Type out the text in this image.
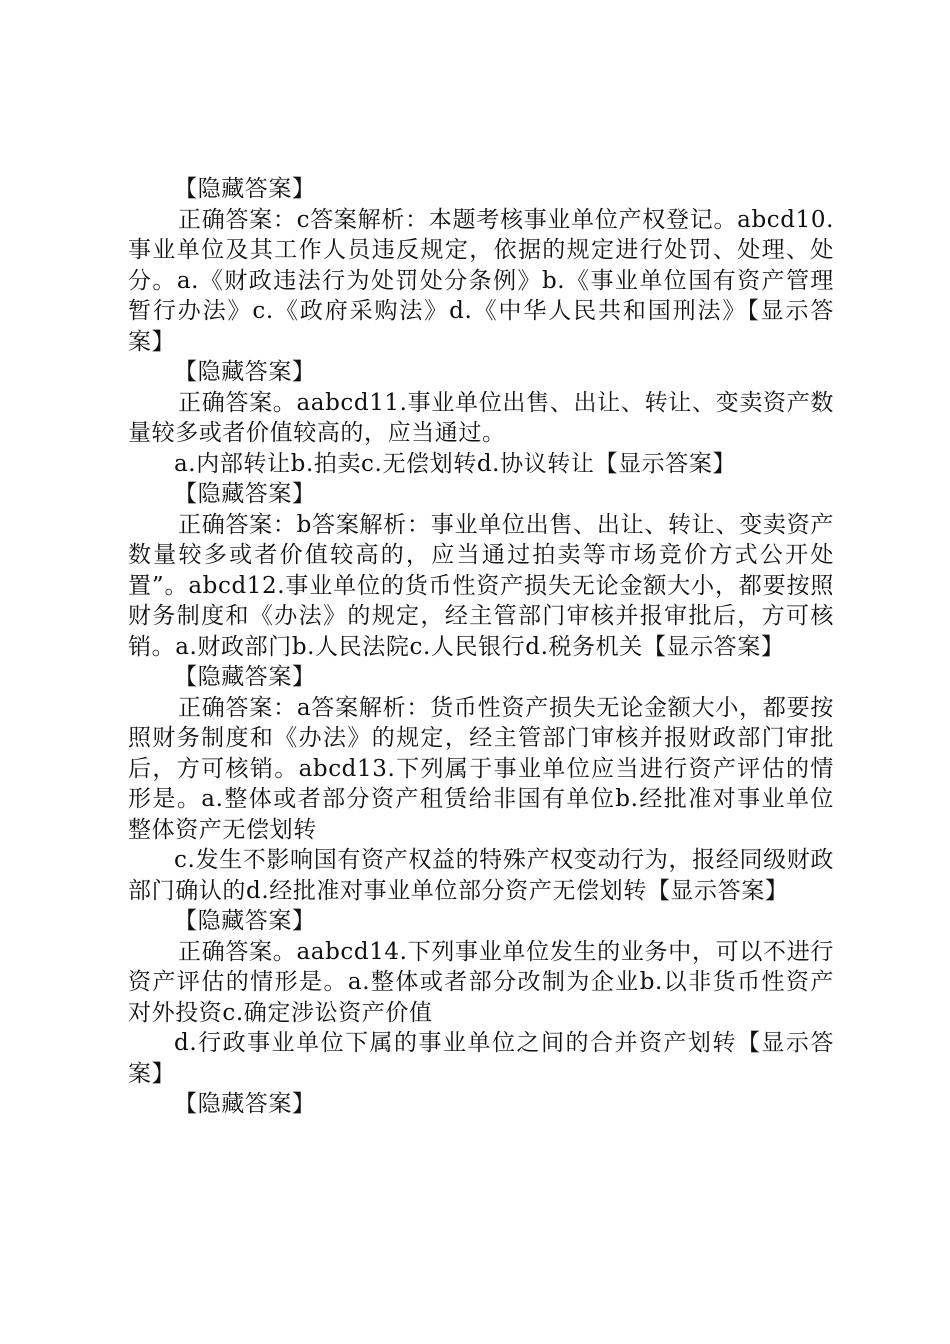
【隐藏答案】

正确答案：c答案解析：本题考核事业单位产权登记。abcd10.事业单位及其工作人员违反规定，依据的规定进行处罚、处理、处分。a.《财政违法行为处罚处分条例》b.《事业单位国有资产管理暂行办法》c.《政府采购法》d.《中华人民共和国刑法》【显示答案】

【隐藏答案】

正确答案。aabcd11.事业单位出售、出让、转让、变卖资产数量较多或者价值较高的，应当通过。

a.内部转让b.拍卖c.无偿划转d.协议转让【显示答案】

【隐藏答案】

正确答案：b答案解析：事业单位出售、出让、转让、变卖资产数量较多或者价值较高的，应当通过拍卖等市场竞价方式公开处置”。abcd12.事业单位的货币性资产损失无论金额大小，都要按照财务制度和《办法》的规定，经主管部门审核并报审批后，方可核销。a.财政部门b.人民法院c.人民银行d.税务机关【显示答案】

【隐藏答案】

正确答案：a答案解析：货币性资产损失无论金额大小，都要按照财务制度和《办法》的规定，经主管部门审核并报财政部门审批后，方可核销。abcd13.下列属于事业单位应当进行资产评估的情形是。a.整体或者部分资产租赁给非国有单位b.经批准对事业单位整体资产无偿划转

c.发生不影响国有资产权益的特殊产权变动行为，报经同级财政部门确认的d.经批准对事业单位部分资产无偿划转【显示答案】

【隐藏答案】

正确答案。aabcd14.下列事业单位发生的业务中，可以不进行资产评估的情形是。a.整体或者部分改制为企业b.以非货币性资产对外投资c.确定涉讼资产价值

d.行政事业单位下属的事业单位之间的合并资产划转【显示答案】

【隐藏答案】
